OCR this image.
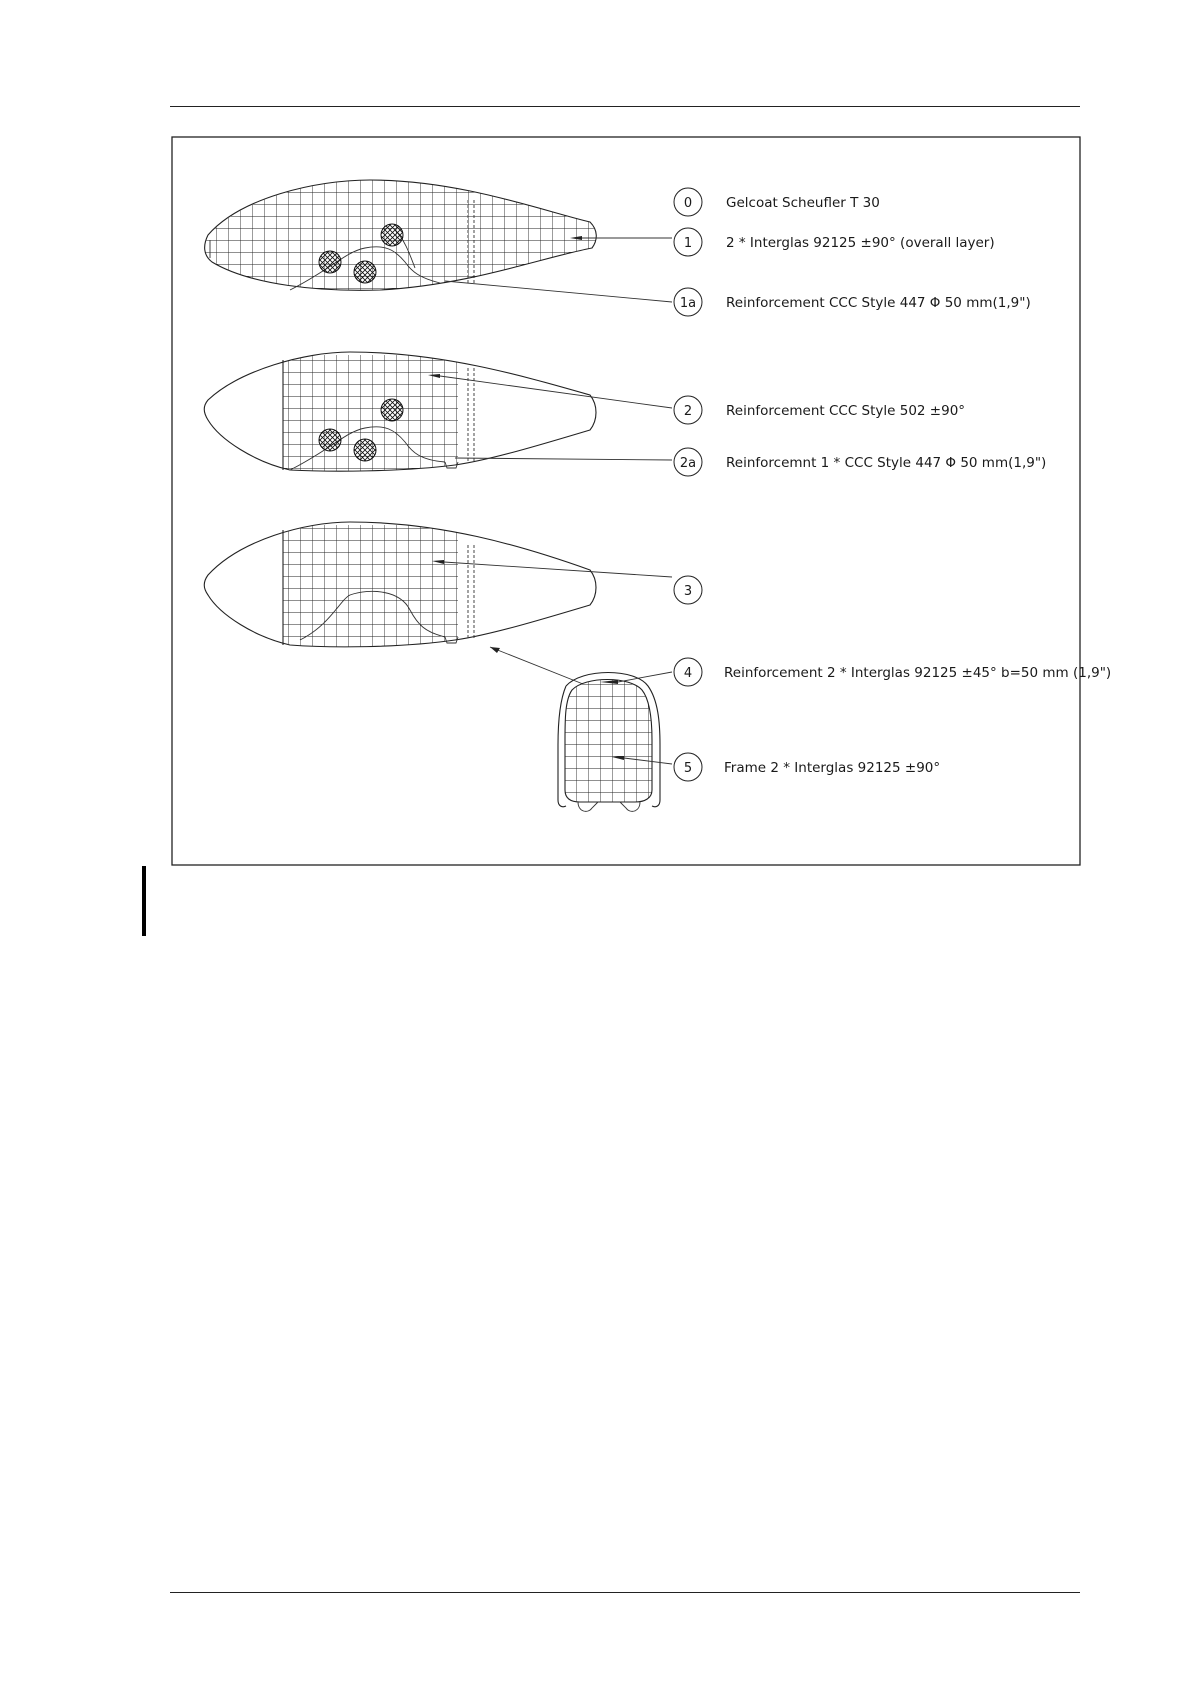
0	Gelcoat Scheufler T 30
1	2 * Interglas 92125 ±90° (overall layer)
1a Reinforcement CCC Style 447 Φ 50 mm(1,9")
2	Reinforcement CCC Style 502 ±90°
2a Reinforcemnt 1 * CCC Style 447 Φ 50 mm(1,9")
3
4 Reinforcement 2 * Interglas 92125 ±45° b=50 mm (1,9")
5 Frame 2 * Interglas 92125 ±90°
